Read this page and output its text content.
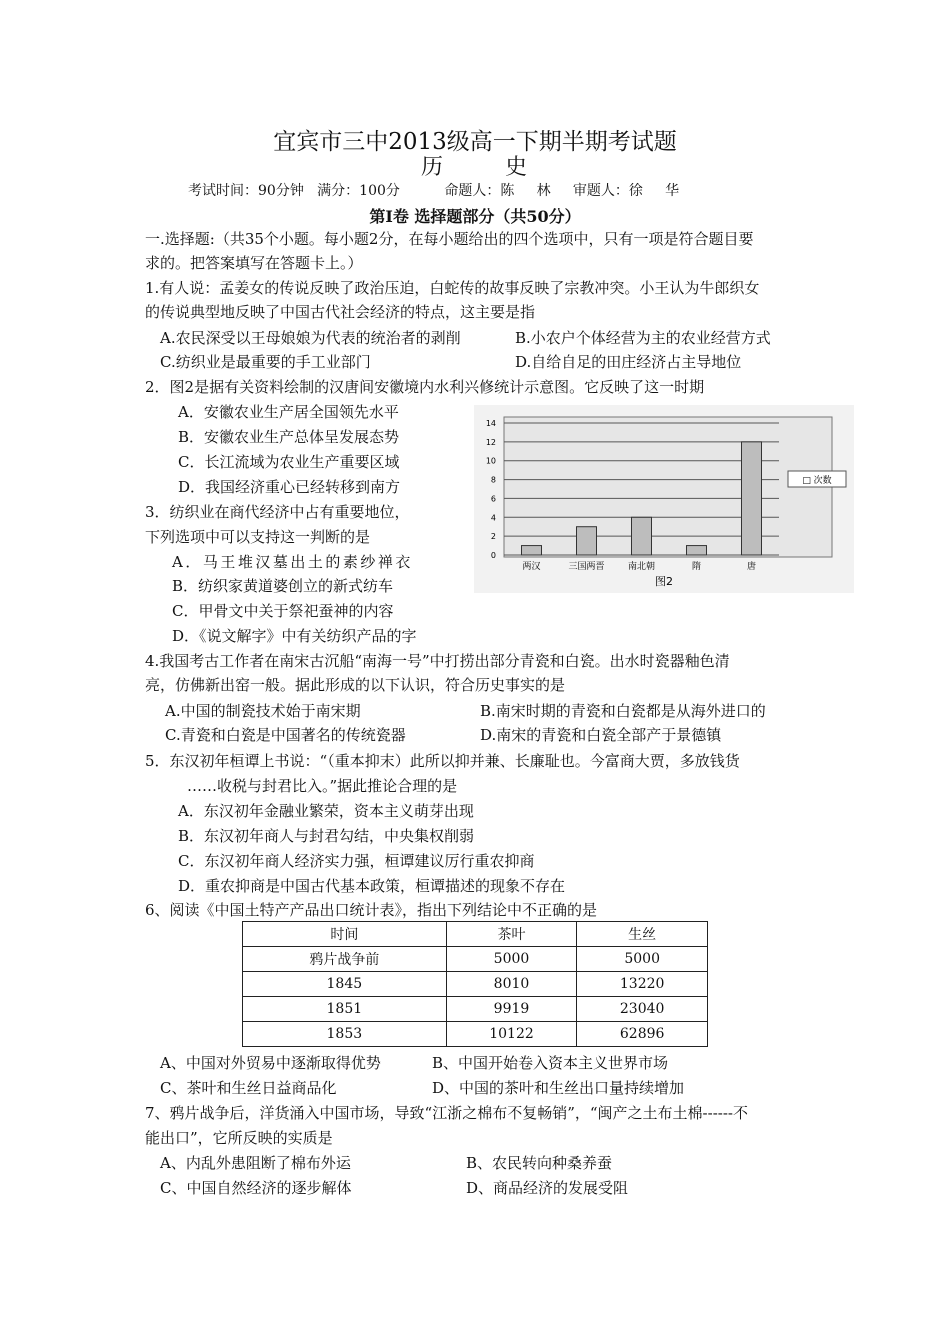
宜宾市三中2013级高一下期半期考试题
历	史
考试时间：90分钟   满分：100分          命题人：陈     林     审题人：徐     华
第Ⅰ卷 选择题部分（共50分）
一.选择题:（共35个小题。每小题2分，在每小题给出的四个选项中，只有一项是符合题目要
求的。把答案填写在答题卡上。）
1.有人说：孟姜女的传说反映了政治压迫，白蛇传的故事反映了宗教冲突。小王认为牛郎织女
的传说典型地反映了中国古代社会经济的特点，这主要是指
A.农民深受以王母娘娘为代表的统治者的剥削	B.小农户个体经营为主的农业经营方式
C.纺织业是最重要的手工业部门	D.自给自足的田庄经济占主导地位
2．图2是据有关资料绘制的汉唐间安徽境内水利兴修统计示意图。它反映了这一时期
A．安徽农业生产居全国领先水平
B．安徽农业生产总体呈发展态势
C．长江流域为农业生产重要区域
D．我国经济重心已经转移到南方
0
2
4
6
8
10
12
14
两汉	三国两晋	南北朝	隋	唐
□ 次数
图2
3．纺织业在商代经济中占有重要地位，
下列选项中可以支持这一判断的是
A．马王堆汉墓出土的素纱禅衣
B．纺织家黄道婆创立的新式纺车
C．甲骨文中关于祭祀蚕神的内容
D．《说文解字》中有关纺织产品的字
4.我国考古工作者在南宋古沉船“南海一号”中打捞出部分青瓷和白瓷。出水时瓷器釉色清
亮，仿佛新出窑一般。据此形成的以下认识，符合历史事实的是
A.中国的制瓷技术始于南宋期	B.南宋时期的青瓷和白瓷都是从海外进口的
C.青瓷和白瓷是中国著名的传统瓷器	D.南宋的青瓷和白瓷全部产于景德镇
5．东汉初年桓谭上书说：“（重本抑末）此所以抑并兼、长廉耻也。今富商大贾，多放钱货
……收税与封君比入。”据此推论合理的是
A．东汉初年金融业繁荣，资本主义萌芽出现
B．东汉初年商人与封君勾结，中央集权削弱
C．东汉初年商人经济实力强，桓谭建议厉行重农抑商
D．重农抑商是中国古代基本政策，桓谭描述的现象不存在
6、阅读《中国土特产产品出口统计表》，指出下列结论中不正确的是
时间	茶叶	生丝
鸦片战争前	5000	5000
1845	8010	13220
1851	9919	23040
1853	10122	62896
A、中国对外贸易中逐渐取得优势	B、中国开始卷入资本主义世界市场
C、茶叶和生丝日益商品化	D、中国的茶叶和生丝出口量持续增加
7、鸦片战争后，洋货涌入中国市场，导致“江浙之棉布不复畅销”，“闽产之土布土棉------不
能出口”，它所反映的实质是
A、内乱外患阻断了棉布外运	B、农民转向种桑养蚕
C、中国自然经济的逐步解体	D、商品经济的发展受阻
